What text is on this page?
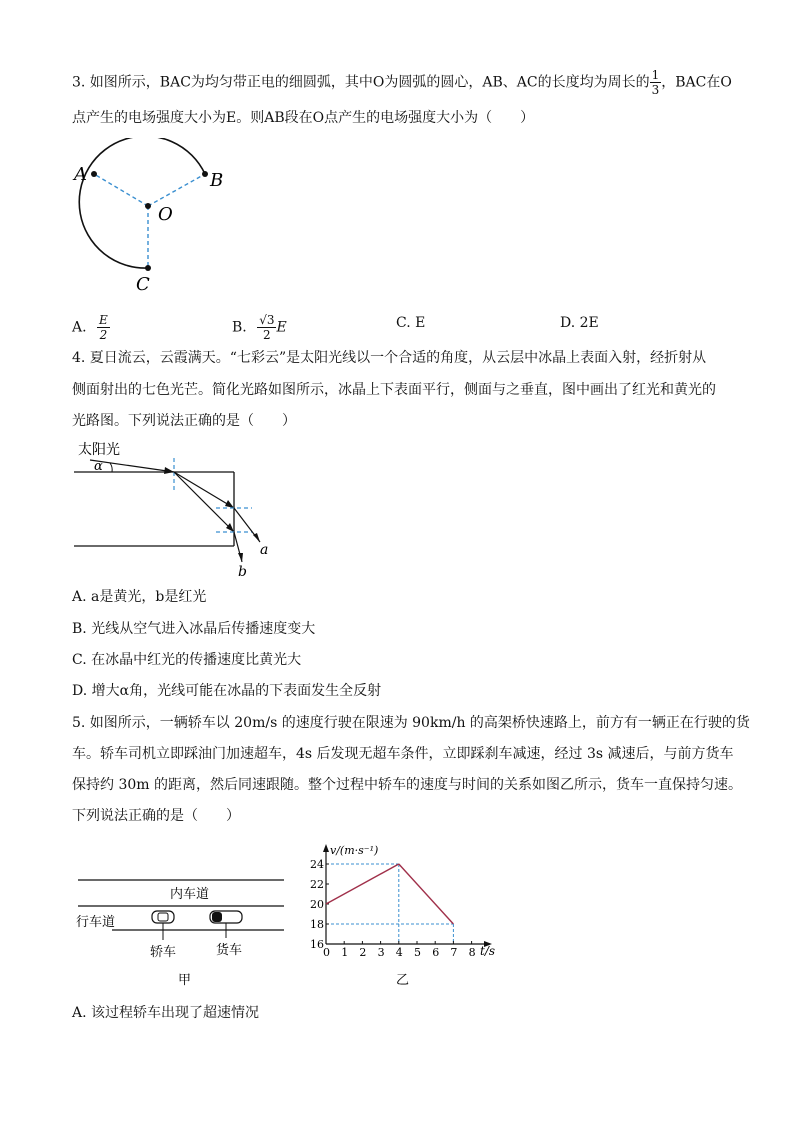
3. 如图所示，BAC为均匀带正电的细圆弧，其中O为圆弧的圆心，AB、AC的长度均为周长的 $\frac{1}{3}$ ，BAC在O
点产生的电场强度大小为E。则AB段在O点产生的电场强度大小为（　　）
A	B
O
C
A. $\frac{E}{2}$	B. $\frac{√3}{2}$ E	C. E	D. 2E
4. 夏日流云，云霞满天。“七彩云”是太阳光线以一个合适的角度，从云层中冰晶上表面入射，经折射从
侧面射出的七色光芒。简化光路如图所示，冰晶上下表面平行，侧面与之垂直，图中画出了红光和黄光的
光路图。下列说法正确的是（　　）
太阳光
α
a
b
A. a是黄光，b是红光
B. 光线从空气进入冰晶后传播速度变大
C. 在冰晶中红光的传播速度比黄光大
D. 增大α角，光线可能在冰晶的下表面发生全反射
5. 如图所示，一辆轿车以 20m/s 的速度行驶在限速为 90km/h 的高架桥快速路上，前方有一辆正在行驶的货
车。轿车司机立即踩油门加速超车，4s 后发现无超车条件，立即踩刹车减速，经过 3s 减速后，与前方货车
保持约 30m 的距离，然后同速跟随。整个过程中轿车的速度与时间的关系如图乙所示，货车一直保持匀速。
下列说法正确的是（　　）
内车道
行车道
轿车	货车
甲
0 1 2 3 4 5 6 7 8
16
18
20
22
24
v/(m·s⁻¹)
t/s
乙
A. 该过程轿车出现了超速情况
